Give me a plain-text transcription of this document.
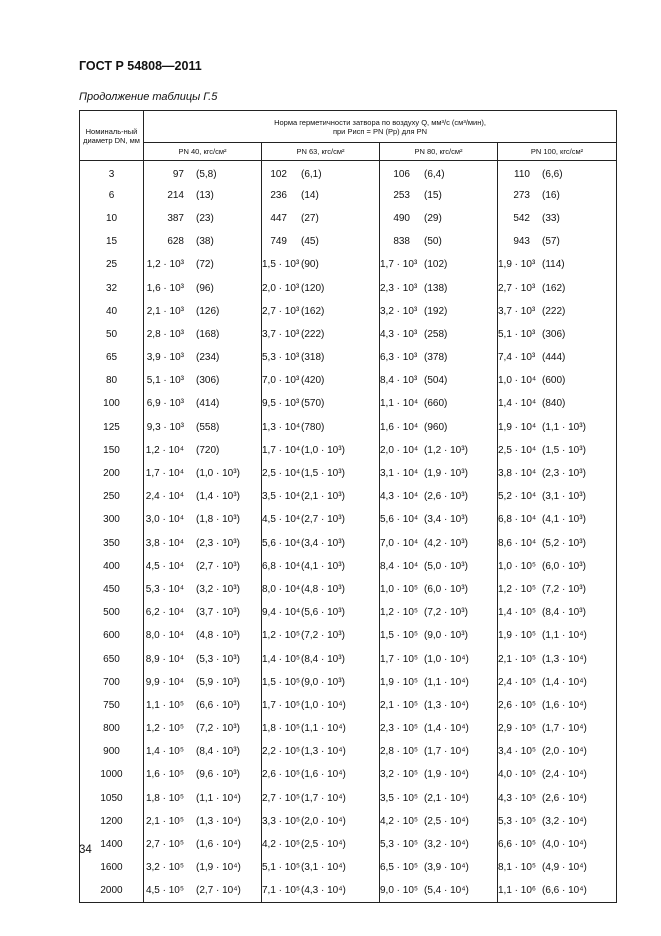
ГОСТ Р 54808—2011
Продолжение таблицы Г.5
Номиналь-ный диаметр DN, мм	Норма герметичности затвора по воздуху Q, мм³/с (см³/мин),
при Pисп = PN (Pр) для PN			

	PN 40, кгс/см²	PN 63, кгс/см²	PN 80, кгс/см²	PN 100, кгс/см²
3	97 (5,8)	102 (6,1)	106 (6,4)	110 (6,6)
6	214 (13)	236 (14)	253 (15)	273 (16)
10	387 (23)	447 (27)	490 (29)	542 (33)
15	628 (38)	749 (45)	838 (50)	943 (57)
25	1,2 · 10³ (72)	1,5 · 10³ (90)	1,7 · 10³ (102)	1,9 · 10³ (114)
32	1,6 · 10³ (96)	2,0 · 10³ (120)	2,3 · 10³ (138)	2,7 · 10³ (162)
40	2,1 · 10³ (126)	2,7 · 10³ (162)	3,2 · 10³ (192)	3,7 · 10³ (222)
50	2,8 · 10³ (168)	3,7 · 10³ (222)	4,3 · 10³ (258)	5,1 · 10³ (306)
65	3,9 · 10³ (234)	5,3 · 10³ (318)	6,3 · 10³ (378)	7,4 · 10³ (444)
80	5,1 · 10³ (306)	7,0 · 10³ (420)	8,4 · 10³ (504)	1,0 · 10⁴ (600)
100	6,9 · 10³ (414)	9,5 · 10³ (570)	1,1 · 10⁴ (660)	1,4 · 10⁴ (840)
125	9,3 · 10³ (558)	1,3 · 10⁴(780)	1,6 · 10⁴ (960)	1,9 · 10⁴ (1,1 · 10³)
150	1,2 · 10⁴ (720)	1,7 · 10⁴(1,0 · 10³)	2,0 · 10⁴ (1,2 · 10³)	2,5 · 10⁴ (1,5 · 10³)
200	1,7 · 10⁴ (1,0 · 10³)	2,5 · 10⁴(1,5 · 10³)	3,1 · 10⁴ (1,9 · 10³)	3,8 · 10⁴ (2,3 · 10³)
250	2,4 · 10⁴ (1,4 · 10³)	3,5 · 10⁴(2,1 · 10³)	4,3 · 10⁴ (2,6 · 10³)	5,2 · 10⁴ (3,1 · 10³)
300	3,0 · 10⁴ (1,8 · 10³)	4,5 · 10⁴(2,7 · 10³)	5,6 · 10⁴ (3,4 · 10³)	6,8 · 10⁴ (4,1 · 10³)
350	3,8 · 10⁴ (2,3 · 10³)	5,6 · 10⁴(3,4 · 10³)	7,0 · 10⁴ (4,2 · 10³)	8,6 · 10⁴ (5,2 · 10³)
400	4,5 · 10⁴ (2,7 · 10³)	6,8 · 10⁴(4,1 · 10³)	8,4 · 10⁴ (5,0 · 10³)	1,0 · 10⁵ (6,0 · 10³)
450	5,3 · 10⁴ (3,2 · 10³)	8,0 · 10⁴(4,8 · 10³)	1,0 · 10⁵ (6,0 · 10³)	1,2 · 10⁵ (7,2 · 10³)
500	6,2 · 10⁴ (3,7 · 10³)	9,4 · 10⁴(5,6 · 10³)	1,2 · 10⁵ (7,2 · 10³)	1,4 · 10⁵ (8,4 · 10³)
600	8,0 · 10⁴ (4,8 · 10³)	1,2 · 10⁵(7,2 · 10³)	1,5 · 10⁵ (9,0 · 10³)	1,9 · 10⁵ (1,1 · 10⁴)
650	8,9 · 10⁴ (5,3 · 10³)	1,4 · 10⁵(8,4 · 10³)	1,7 · 10⁵ (1,0 · 10⁴)	2,1 · 10⁵ (1,3 · 10⁴)
700	9,9 · 10⁴ (5,9 · 10³)	1,5 · 10⁵(9,0 · 10³)	1,9 · 10⁵ (1,1 · 10⁴)	2,4 · 10⁵ (1,4 · 10⁴)
750	1,1 · 10⁵ (6,6 · 10³)	1,7 · 10⁵(1,0 · 10⁴)	2,1 · 10⁵ (1,3 · 10⁴)	2,6 · 10⁵ (1,6 · 10⁴)
800	1,2 · 10⁵ (7,2 · 10³)	1,8 · 10⁵(1,1 · 10⁴)	2,3 · 10⁵ (1,4 · 10⁴)	2,9 · 10⁵ (1,7 · 10⁴)
900	1,4 · 10⁵ (8,4 · 10³)	2,2 · 10⁵(1,3 · 10⁴)	2,8 · 10⁵ (1,7 · 10⁴)	3,4 · 10⁵ (2,0 · 10⁴)
1000	1,6 · 10⁵ (9,6 · 10³)	2,6 · 10⁵(1,6 · 10⁴)	3,2 · 10⁵ (1,9 · 10⁴)	4,0 · 10⁵ (2,4 · 10⁴)
1050	1,8 · 10⁵ (1,1 · 10⁴)	2,7 · 10⁵(1,7 · 10⁴)	3,5 · 10⁵ (2,1 · 10⁴)	4,3 · 10⁵ (2,6 · 10⁴)
1200	2,1 · 10⁵ (1,3 · 10⁴)	3,3 · 10⁵(2,0 · 10⁴)	4,2 · 10⁵ (2,5 · 10⁴)	5,3 · 10⁵ (3,2 · 10⁴)
1400	2,7 · 10⁵ (1,6 · 10⁴)	4,2 · 10⁵(2,5 · 10⁴)	5,3 · 10⁵ (3,2 · 10⁴)	6,6 · 10⁵ (4,0 · 10⁴)
1600	3,2 · 10⁵ (1,9 · 10⁴)	5,1 · 10⁵(3,1 · 10⁴)	6,5 · 10⁵ (3,9 · 10⁴)	8,1 · 10⁵ (4,9 · 10⁴)
2000	4,5 · 10⁵ (2,7 · 10⁴)	7,1 · 10⁵(4,3 · 10⁴)	9,0 · 10⁵ (5,4 · 10⁴)	1,1 · 10⁶ (6,6 · 10⁴)
34
